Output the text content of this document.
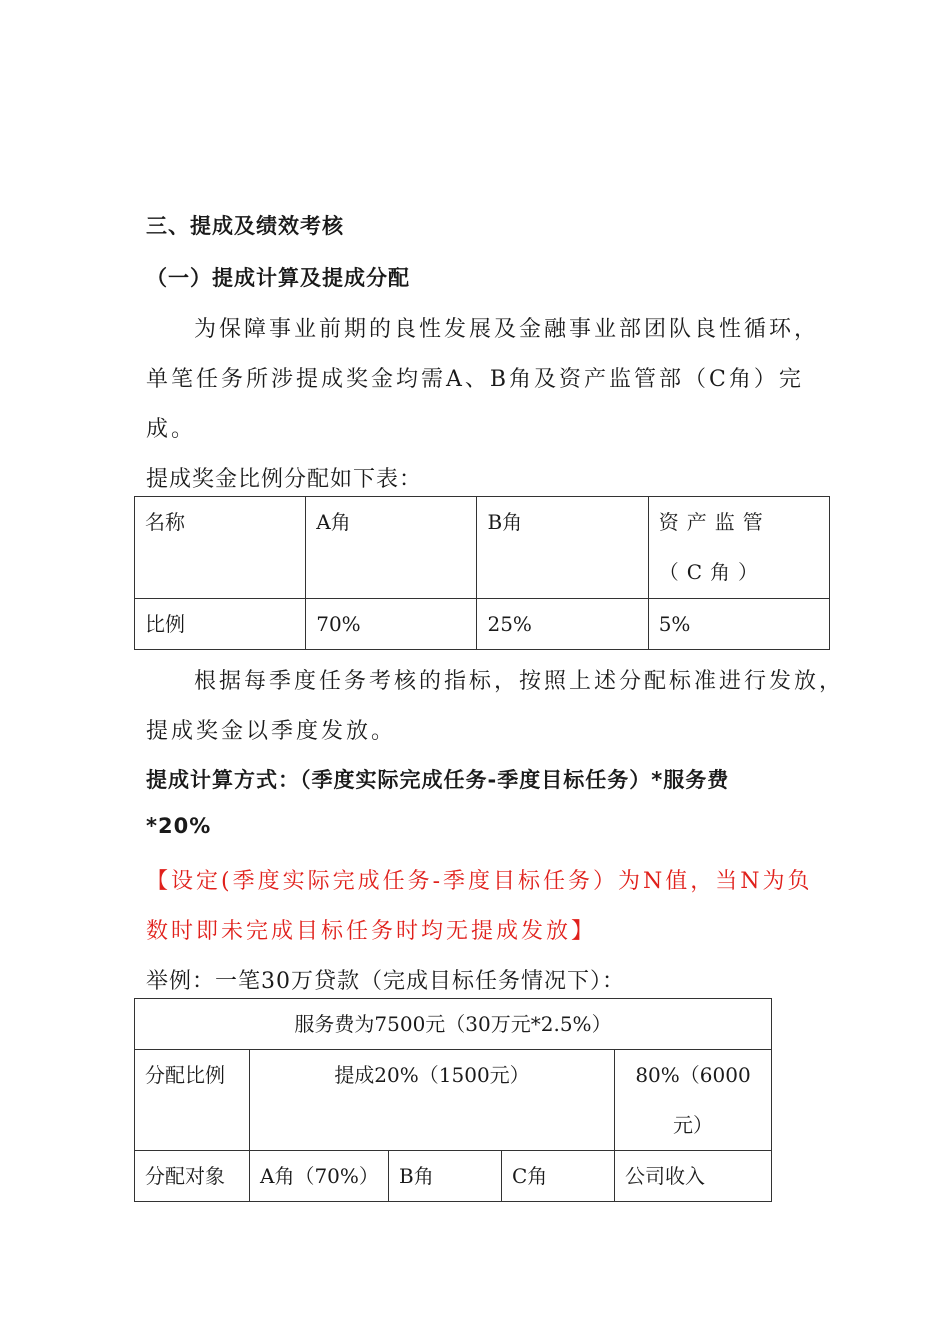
三、提成及绩效考核
（一）提成计算及提成分配
为保障事业前期的良性发展及金融事业部团队良性循环，
单笔任务所涉提成奖金均需A、B角及资产监管部（C角）完
成。
提成奖金比例分配如下表：
名称	A角	B角	资产监管（C角）
比例	70%	25%	5%
根据每季度任务考核的指标，按照上述分配标准进行发放，
提成奖金以季度发放。
提成计算方式：（季度实际完成任务-季度目标任务）*服务费
*20%
【设定(季度实际完成任务-季度目标任务）为N值，当N为负
数时即未完成目标任务时均无提成发放】
举例：一笔30万贷款（完成目标任务情况下）：
服务费为7500元（30万元*2.5%）				
分配比例	提成20%（1500元）			80%（6000元）
分配对象	A角（70%）	B角	C角	公司收入
